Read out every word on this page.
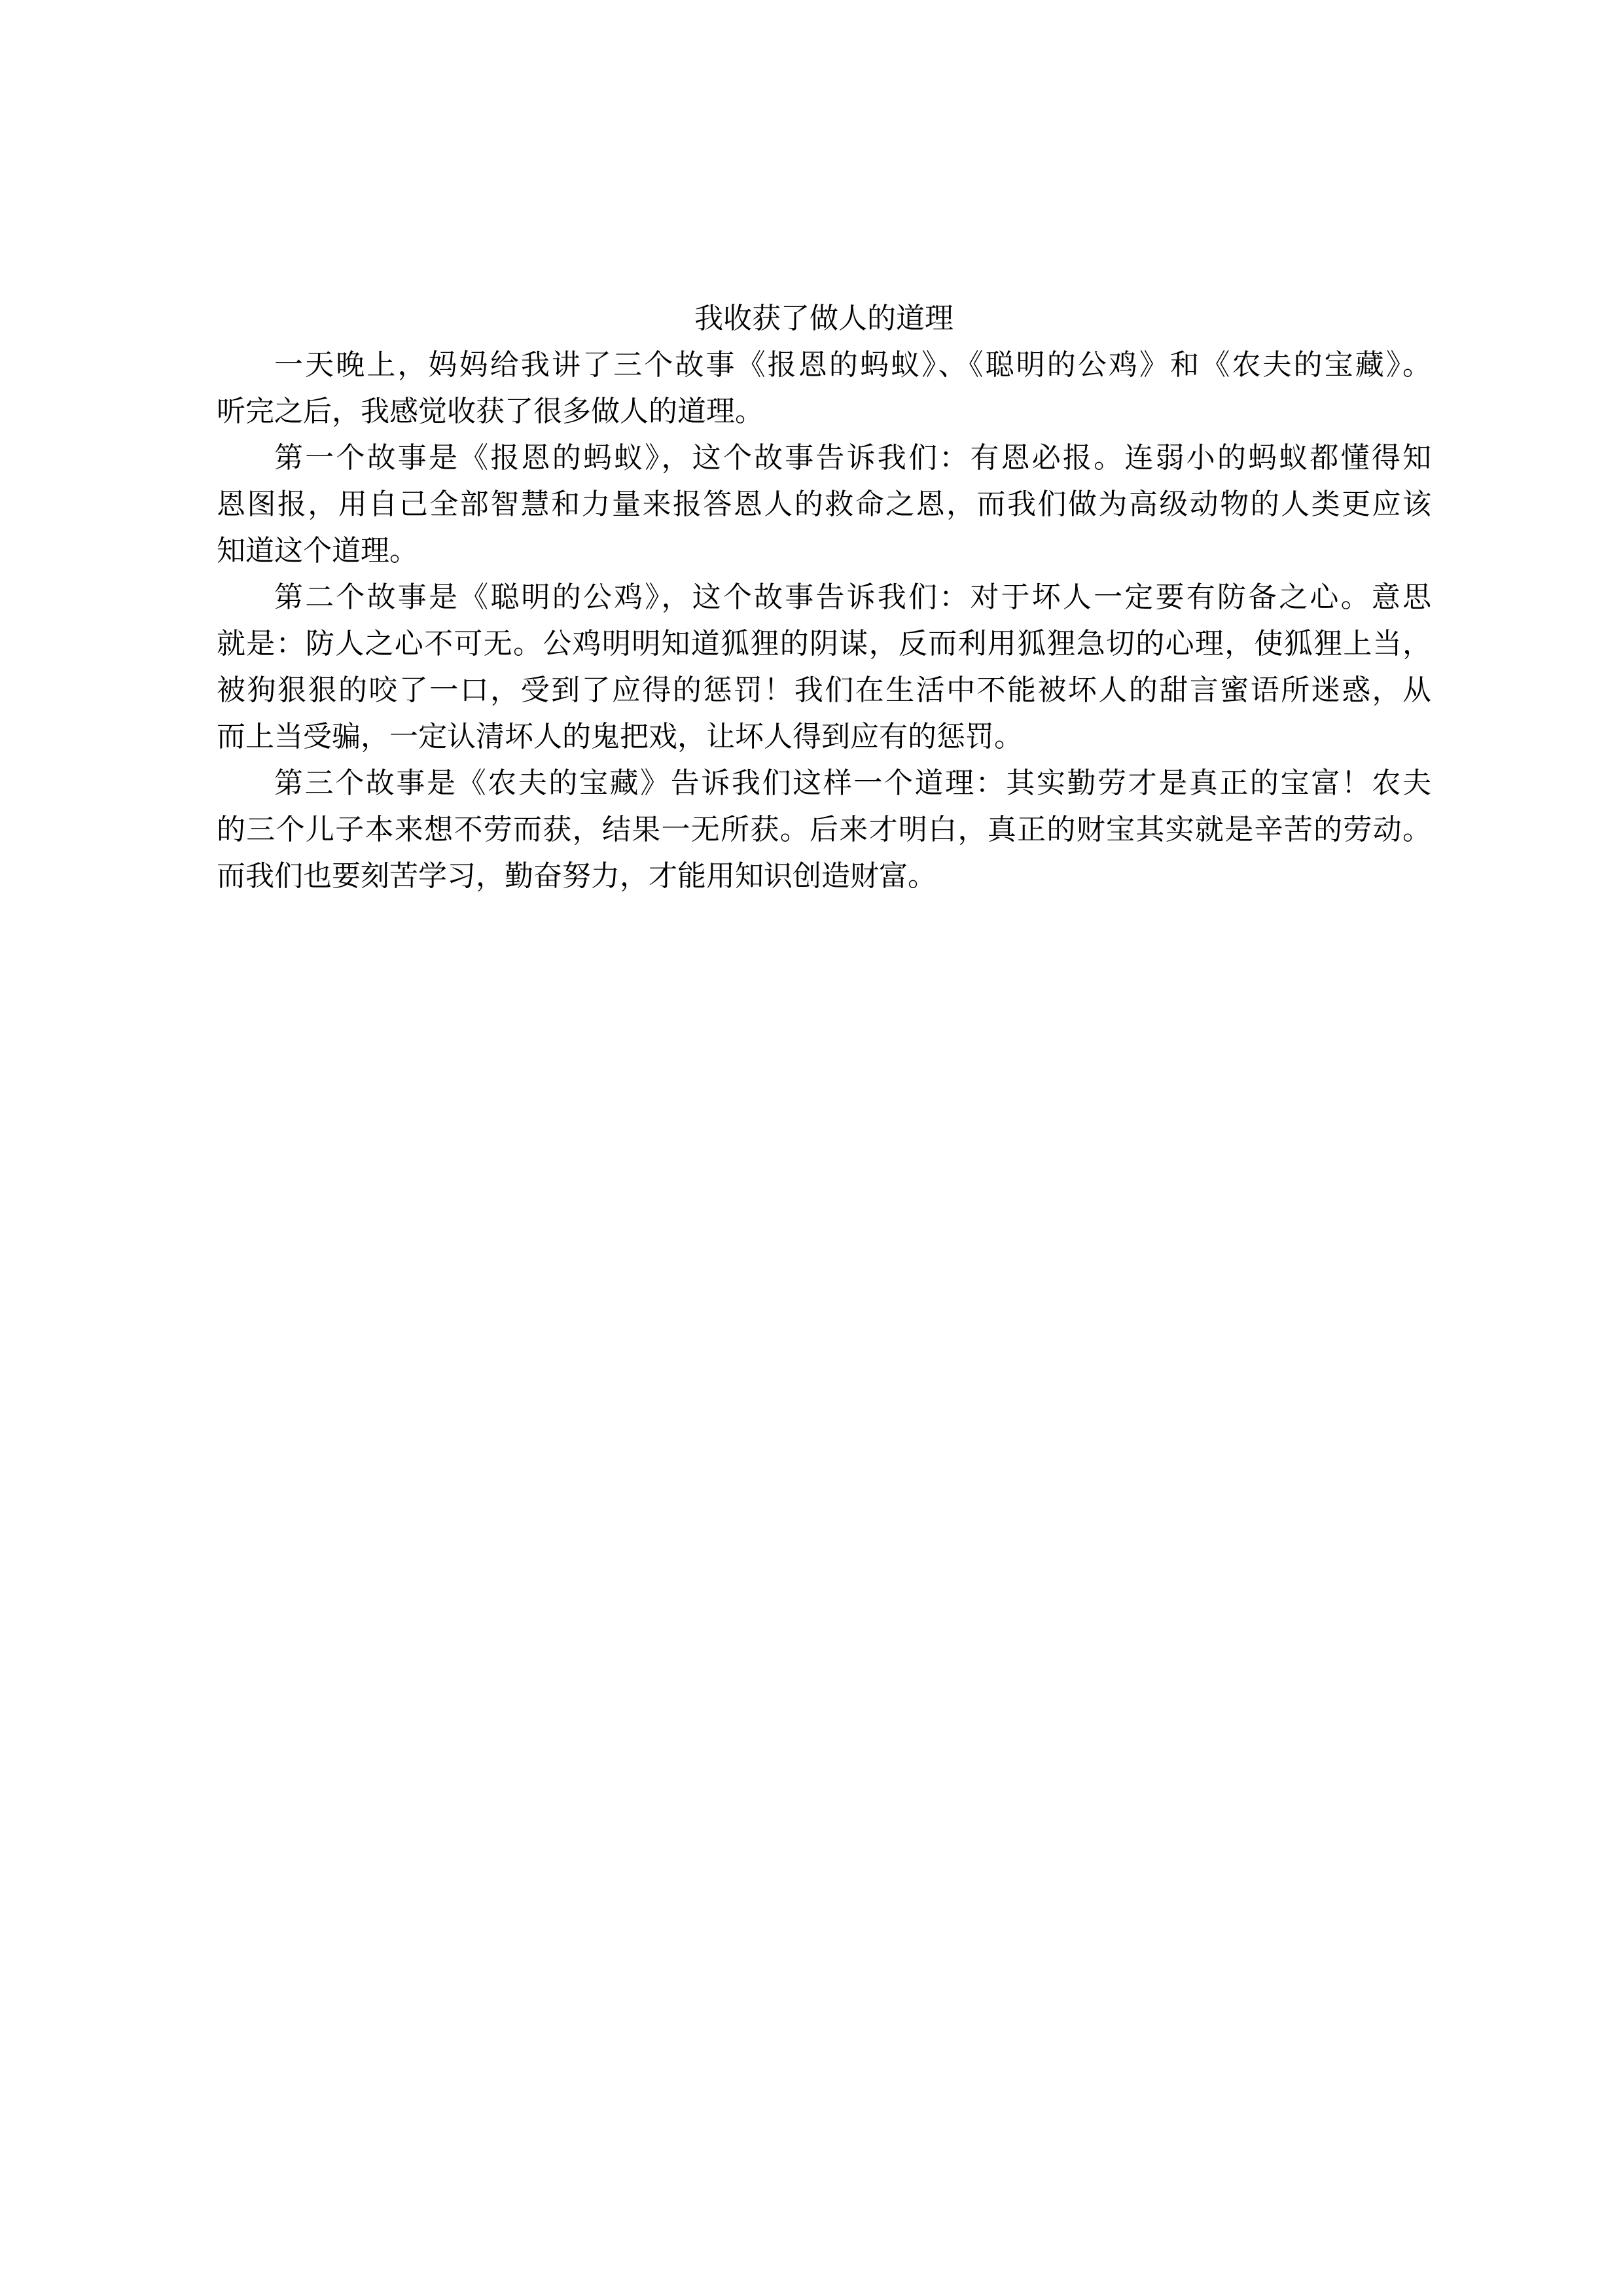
我收获了做人的道理
一天晚上，妈妈给我讲了三个故事《报恩的蚂蚁》、《聪明的公鸡》和《农夫的宝藏》。
听完之后，我感觉收获了很多做人的道理。
第一个故事是《报恩的蚂蚁》，这个故事告诉我们：有恩必报。连弱小的蚂蚁都懂得知
恩图报，用自己全部智慧和力量来报答恩人的救命之恩，而我们做为高级动物的人类更应该
知道这个道理。
第二个故事是《聪明的公鸡》，这个故事告诉我们：对于坏人一定要有防备之心。意思
就是：防人之心不可无。公鸡明明知道狐狸的阴谋，反而利用狐狸急切的心理，使狐狸上当，
被狗狠狠的咬了一口，受到了应得的惩罚！我们在生活中不能被坏人的甜言蜜语所迷惑，从
而上当受骗，一定认清坏人的鬼把戏，让坏人得到应有的惩罚。
第三个故事是《农夫的宝藏》告诉我们这样一个道理：其实勤劳才是真正的宝富！农夫
的三个儿子本来想不劳而获，结果一无所获。后来才明白，真正的财宝其实就是辛苦的劳动。
而我们也要刻苦学习，勤奋努力，才能用知识创造财富。
